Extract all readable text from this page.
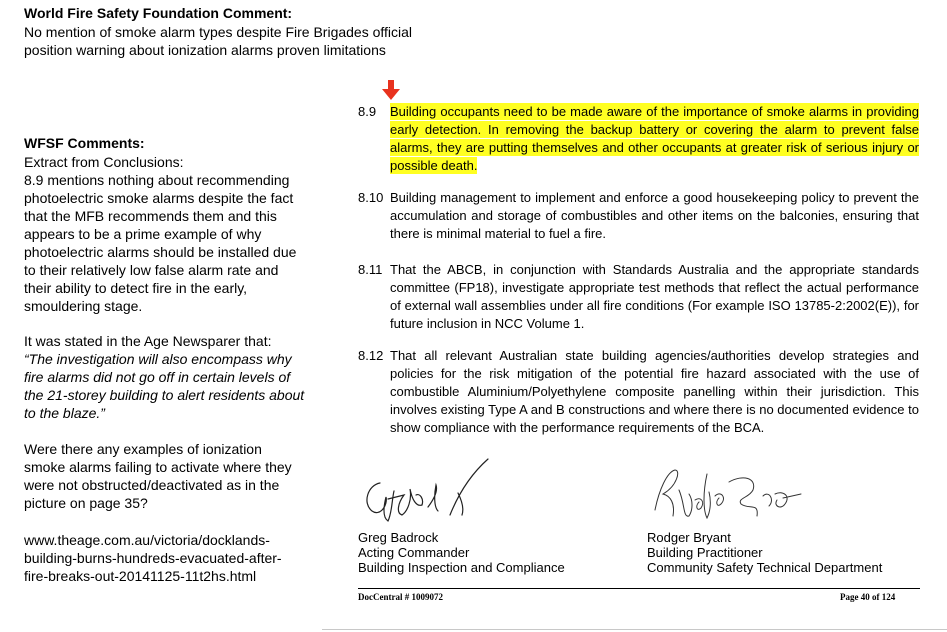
World Fire Safety Foundation Comment:
No mention of smoke alarm types despite Fire Brigades official
position warning about ionization alarms proven limitations
WFSF Comments:
Extract from Conclusions:
8.9 mentions nothing about recommending
photoelectric smoke alarms despite the fact
that the MFB recommends them and this
appears to be a prime example of why
photoelectric alarms should be installed due
to their relatively low false alarm rate and
their ability to detect fire in the early,
smouldering stage.
It was stated in the Age Newsparer that:
“The investigation will also encompass why
fire alarms did not go off in certain levels of
the 21-storey building to alert residents about
to the blaze.”
Were there any examples of ionization
smoke alarms failing to activate where they
were not obstructed/deactivated as in the
picture on page 35?
www.theage.com.au/victoria/docklands-
building-burns-hundreds-evacuated-after-
fire-breaks-out-20141125-11t2hs.html
8.9 Building occupants need to be made aware of the importance of smoke alarms in providing early detection. In removing the backup battery or covering the alarm to prevent false alarms, they are putting themselves and other occupants at greater risk of serious injury or possible death.
8.10 Building management to implement and enforce a good housekeeping policy to prevent the accumulation and storage of combustibles and other items on the balconies, ensuring that there is minimal material to fuel a fire.
8.11 That the ABCB, in conjunction with Standards Australia and the appropriate standards committee (FP18), investigate appropriate test methods that reflect the actual performance of external wall assemblies under all fire conditions (For example ISO 13785-2:2002(E)), for future inclusion in NCC Volume 1.
8.12 That all relevant Australian state building agencies/authorities develop strategies and policies for the risk mitigation of the potential fire hazard associated with the use of combustible Aluminium/Polyethylene composite panelling within their jurisdiction. This involves existing Type A and B constructions and where there is no documented evidence to show compliance with the performance requirements of the BCA.
Greg Badrock
Acting Commander
Building Inspection and Compliance
Rodger Bryant
Building Practitioner
Community Safety Technical Department
DocCentral # 1009072	Page 40 of 124
